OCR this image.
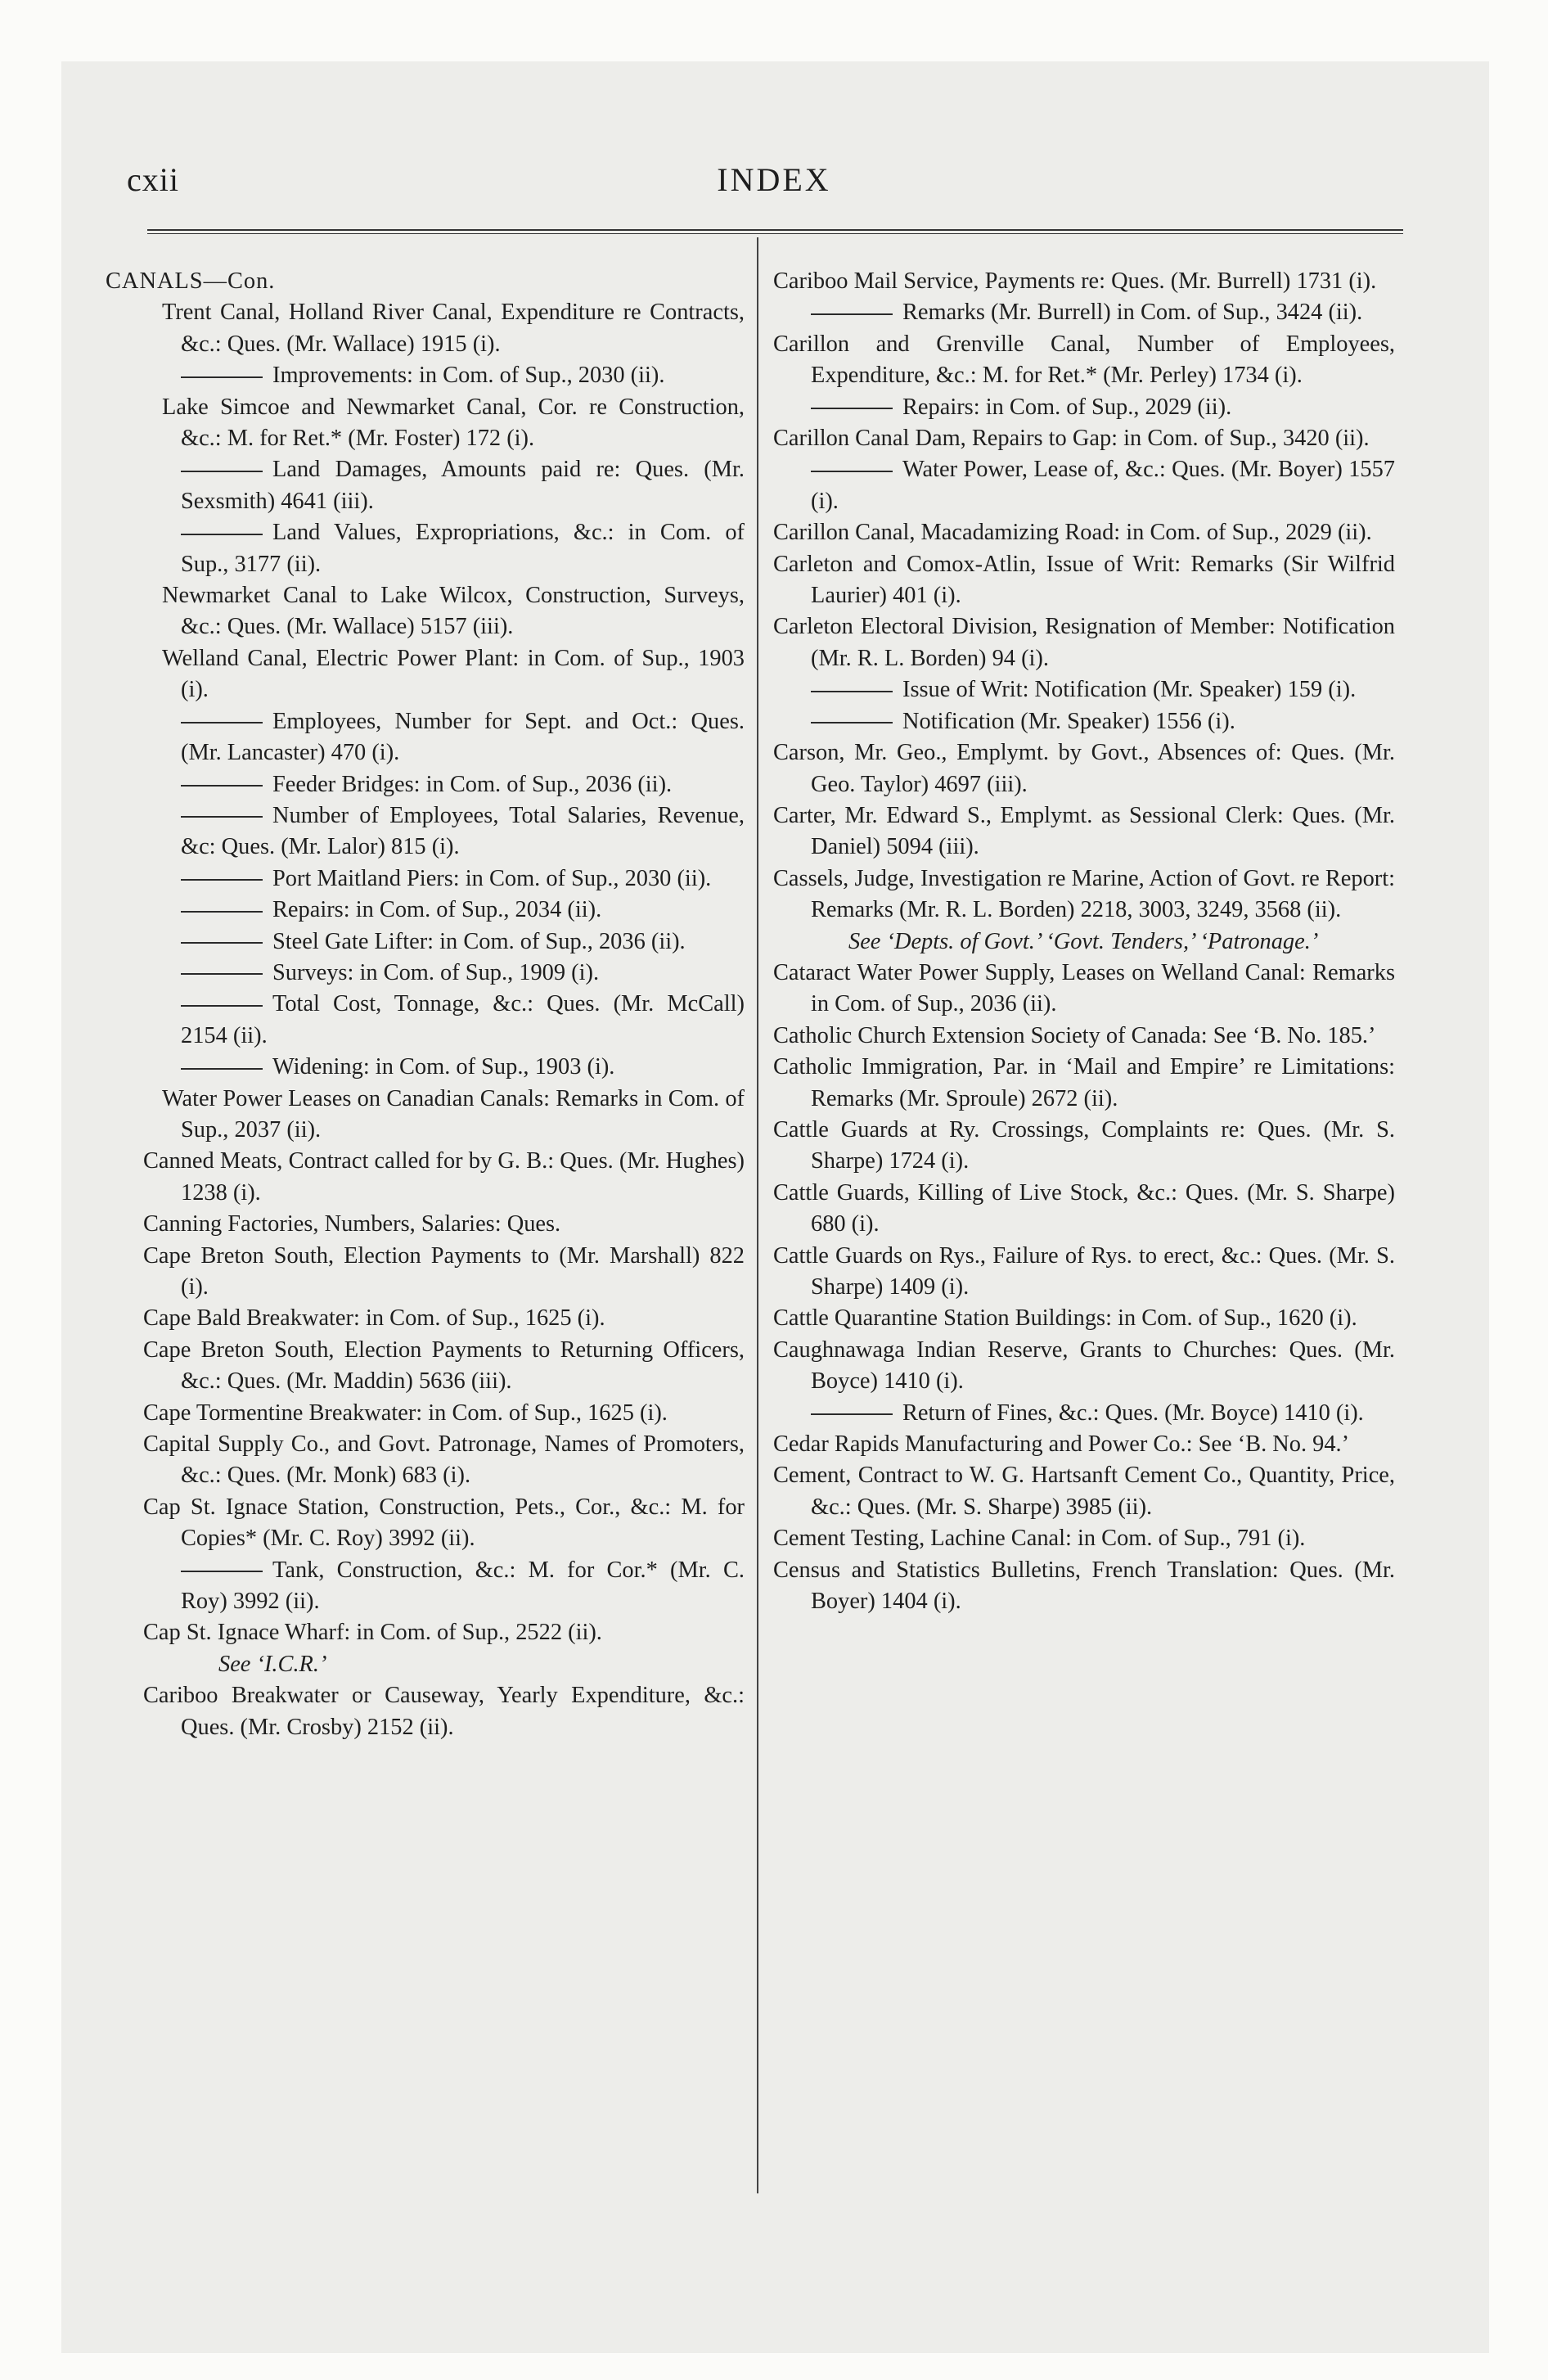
cxii	INDEX

CANALS—Con.

Trent Canal, Holland River Canal, Expenditure re Contracts, &c.: Ques. (Mr. Wallace) 1915 (i).

Improvements: in Com. of Sup., 2030 (ii).

Lake Simcoe and Newmarket Canal, Cor. re Construction, &c.: M. for Ret.* (Mr. Foster) 172 (i).

Land Damages, Amounts paid re: Ques. (Mr. Sexsmith) 4641 (iii).

Land Values, Expropriations, &c.: in Com. of Sup., 3177 (ii).

Newmarket Canal to Lake Wilcox, Construction, Surveys, &c.: Ques. (Mr. Wallace) 5157 (iii).

Welland Canal, Electric Power Plant: in Com. of Sup., 1903 (i).

Employees, Number for Sept. and Oct.: Ques. (Mr. Lancaster) 470 (i).

Feeder Bridges: in Com. of Sup., 2036 (ii).

Number of Employees, Total Salaries, Revenue, &c: Ques. (Mr. Lalor) 815 (i).

Port Maitland Piers: in Com. of Sup., 2030 (ii).

Repairs: in Com. of Sup., 2034 (ii).

Steel Gate Lifter: in Com. of Sup., 2036 (ii).

Surveys: in Com. of Sup., 1909 (i).

Total Cost, Tonnage, &c.: Ques. (Mr. McCall) 2154 (ii).

Widening: in Com. of Sup., 1903 (i).

Water Power Leases on Canadian Canals: Remarks in Com. of Sup., 2037 (ii).

Canned Meats, Contract called for by G. B.: Ques. (Mr. Hughes) 1238 (i).

Canning Factories, Numbers, Salaries: Ques.

Cape Breton South, Election Payments to (Mr. Marshall) 822 (i).

Cape Bald Breakwater: in Com. of Sup., 1625 (i).

Cape Breton South, Election Payments to Returning Officers, &c.: Ques. (Mr. Maddin) 5636 (iii).

Cape Tormentine Breakwater: in Com. of Sup., 1625 (i).

Capital Supply Co., and Govt. Patronage, Names of Promoters, &c.: Ques. (Mr. Monk) 683 (i).

Cap St. Ignace Station, Construction, Pets., Cor., &c.: M. for Copies* (Mr. C. Roy) 3992 (ii).

Tank, Construction, &c.: M. for Cor.* (Mr. C. Roy) 3992 (ii).

Cap St. Ignace Wharf: in Com. of Sup., 2522 (ii).

See ‘I.C.R.’

Cariboo Breakwater or Causeway, Yearly Expenditure, &c.: Ques. (Mr. Crosby) 2152 (ii).

Cariboo Mail Service, Payments re: Ques. (Mr. Burrell) 1731 (i).

Remarks (Mr. Burrell) in Com. of Sup., 3424 (ii).

Carillon and Grenville Canal, Number of Employees, Expenditure, &c.: M. for Ret.* (Mr. Perley) 1734 (i).

Repairs: in Com. of Sup., 2029 (ii).

Carillon Canal Dam, Repairs to Gap: in Com. of Sup., 3420 (ii).

Water Power, Lease of, &c.: Ques. (Mr. Boyer) 1557 (i).

Carillon Canal, Macadamizing Road: in Com. of Sup., 2029 (ii).

Carleton and Comox-Atlin, Issue of Writ: Remarks (Sir Wilfrid Laurier) 401 (i).

Carleton Electoral Division, Resignation of Member: Notification (Mr. R. L. Borden) 94 (i).

Issue of Writ: Notification (Mr. Speaker) 159 (i).

Notification (Mr. Speaker) 1556 (i).

Carson, Mr. Geo., Emplymt. by Govt., Absences of: Ques. (Mr. Geo. Taylor) 4697 (iii).

Carter, Mr. Edward S., Emplymt. as Sessional Clerk: Ques. (Mr. Daniel) 5094 (iii).

Cassels, Judge, Investigation re Marine, Action of Govt. re Report: Remarks (Mr. R. L. Borden) 2218, 3003, 3249, 3568 (ii).

See ‘Depts. of Govt.’ ‘Govt. Tenders,’ ‘Patronage.’

Cataract Water Power Supply, Leases on Welland Canal: Remarks in Com. of Sup., 2036 (ii).

Catholic Church Extension Society of Canada: See ‘B. No. 185.’

Catholic Immigration, Par. in ‘Mail and Empire’ re Limitations: Remarks (Mr. Sproule) 2672 (ii).

Cattle Guards at Ry. Crossings, Complaints re: Ques. (Mr. S. Sharpe) 1724 (i).

Cattle Guards, Killing of Live Stock, &c.: Ques. (Mr. S. Sharpe) 680 (i).

Cattle Guards on Rys., Failure of Rys. to erect, &c.: Ques. (Mr. S. Sharpe) 1409 (i).

Cattle Quarantine Station Buildings: in Com. of Sup., 1620 (i).

Caughnawaga Indian Reserve, Grants to Churches: Ques. (Mr. Boyce) 1410 (i).

Return of Fines, &c.: Ques. (Mr. Boyce) 1410 (i).

Cedar Rapids Manufacturing and Power Co.: See ‘B. No. 94.’

Cement, Contract to W. G. Hartsanft Cement Co., Quantity, Price, &c.: Ques. (Mr. S. Sharpe) 3985 (ii).

Cement Testing, Lachine Canal: in Com. of Sup., 791 (i).

Census and Statistics Bulletins, French Translation: Ques. (Mr. Boyer) 1404 (i).
